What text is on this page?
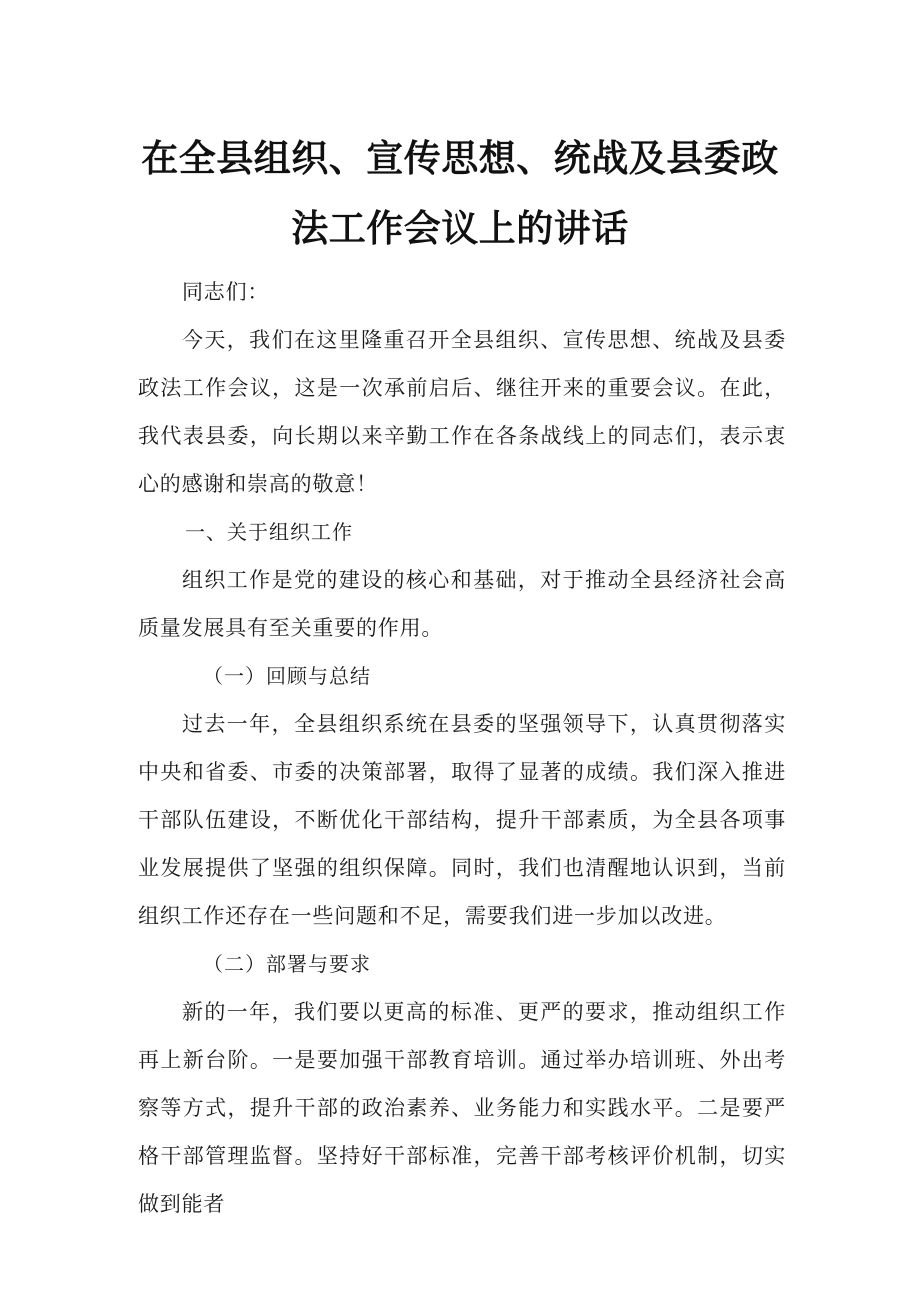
在全县组织、宣传思想、统战及县委政
法工作会议上的讲话

同志们：

今天，我们在这里隆重召开全县组织、宣传思想、统战及县委政法工作会议，这是一次承前启后、继往开来的重要会议。在此，我代表县委，向长期以来辛勤工作在各条战线上的同志们，表示衷心的感谢和崇高的敬意！

一、关于组织工作

组织工作是党的建设的核心和基础，对于推动全县经济社会高质量发展具有至关重要的作用。

（一）回顾与总结

过去一年，全县组织系统在县委的坚强领导下，认真贯彻落实中央和省委、市委的决策部署，取得了显著的成绩。我们深入推进干部队伍建设，不断优化干部结构，提升干部素质，为全县各项事业发展提供了坚强的组织保障。同时，我们也清醒地认识到，当前组织工作还存在一些问题和不足，需要我们进一步加以改进。

（二）部署与要求

新的一年，我们要以更高的标准、更严的要求，推动组织工作再上新台阶。一是要加强干部教育培训。通过举办培训班、外出考察等方式，提升干部的政治素养、业务能力和实践水平。二是要严格干部管理监督。坚持好干部标准，完善干部考核评价机制，切实做到能者
